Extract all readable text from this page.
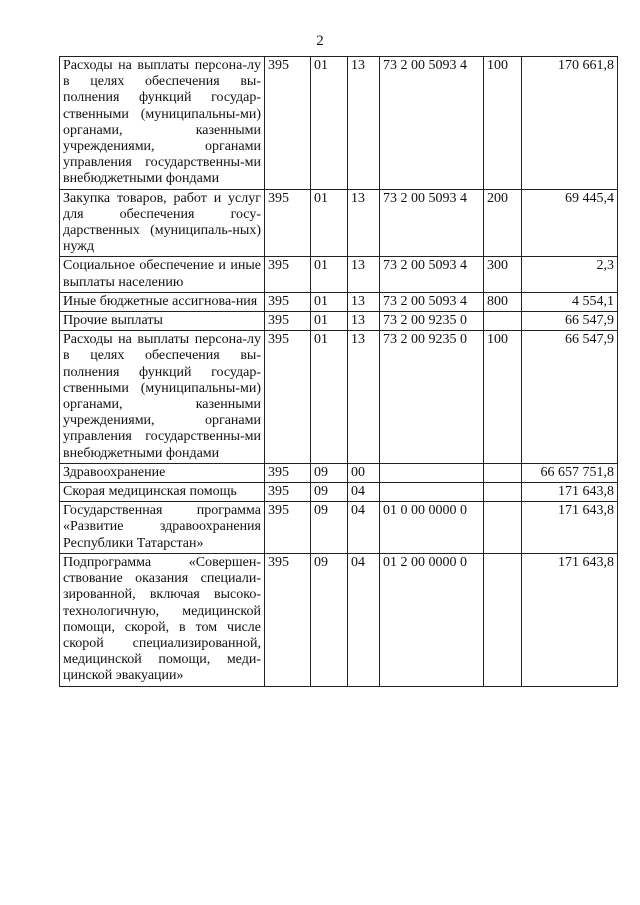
2
Расходы на выплаты персона-лу в целях обеспечения вы-полнения функций государ-ственными (муниципальны-ми) органами, казенными учреждениями, органами управления государственны-ми внебюджетными фондами	395	01	13	73 2 00 5093 4	100	170 661,8
Закупка товаров, работ и услуг для обеспечения госу-дарственных (муниципаль-ных) нужд	395	01	13	73 2 00 5093 4	200	69 445,4
Социальное обеспечение и иные выплаты населению	395	01	13	73 2 00 5093 4	300	2,3
Иные бюджетные ассигнова-ния	395	01	13	73 2 00 5093 4	800	4 554,1
Прочие выплаты	395	01	13	73 2 00 9235 0		66 547,9
Расходы на выплаты персона-лу в целях обеспечения вы-полнения функций государ-ственными (муниципальны-ми) органами, казенными учреждениями, органами управления государственны-ми внебюджетными фондами	395	01	13	73 2 00 9235 0	100	66 547,9
Здравоохранение	395	09	00			66 657 751,8
Скорая медицинская помощь	395	09	04			171 643,8
Государственная программа «Развитие здравоохранения Республики Татарстан»	395	09	04	01 0 00 0000 0		171 643,8
Подпрограмма «Совершен-ствование оказания специали-зированной, включая высоко-технологичную, медицинской помощи, скорой, в том числе скорой специализированной, медицинской помощи, меди-цинской эвакуации»	395	09	04	01 2 00 0000 0		171 643,8
